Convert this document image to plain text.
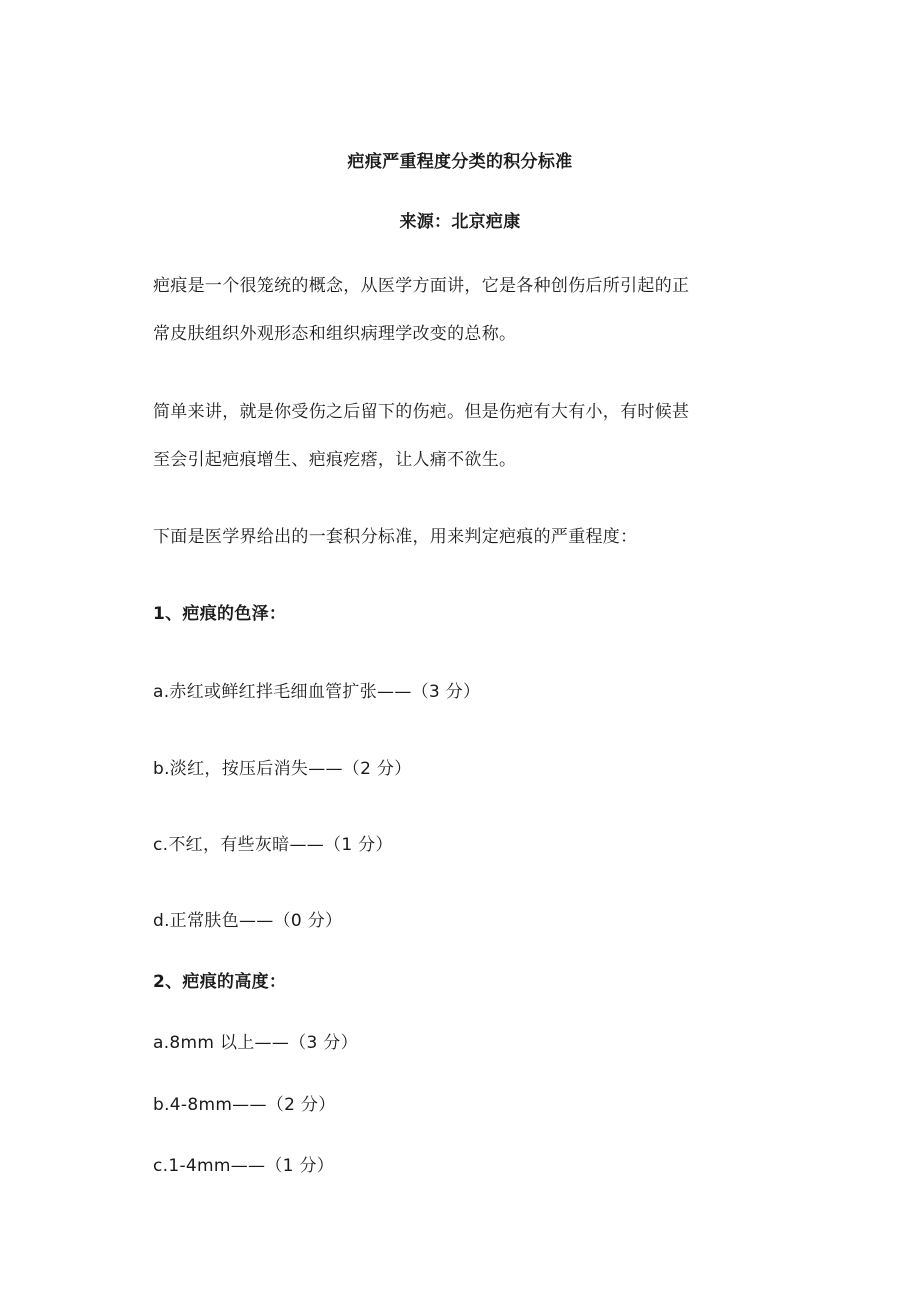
疤痕严重程度分类的积分标准
来源：北京疤康
疤痕是一个很笼统的概念，从医学方面讲，它是各种创伤后所引起的正
常皮肤组织外观形态和组织病理学改变的总称。
简单来讲，就是你受伤之后留下的伤疤。但是伤疤有大有小，有时候甚
至会引起疤痕增生、疤痕疙瘩，让人痛不欲生。
下面是医学界给出的一套积分标准，用来判定疤痕的严重程度：
1、疤痕的色泽：
a.赤红或鲜红拌毛细血管扩张——（3 分）
b.淡红，按压后消失——（2 分）
c.不红，有些灰暗——（1 分）
d.正常肤色——（0 分）
2、疤痕的高度：
a.8mm 以上——（3 分）
b.4-8mm——（2 分）
c.1-4mm——（1 分）
